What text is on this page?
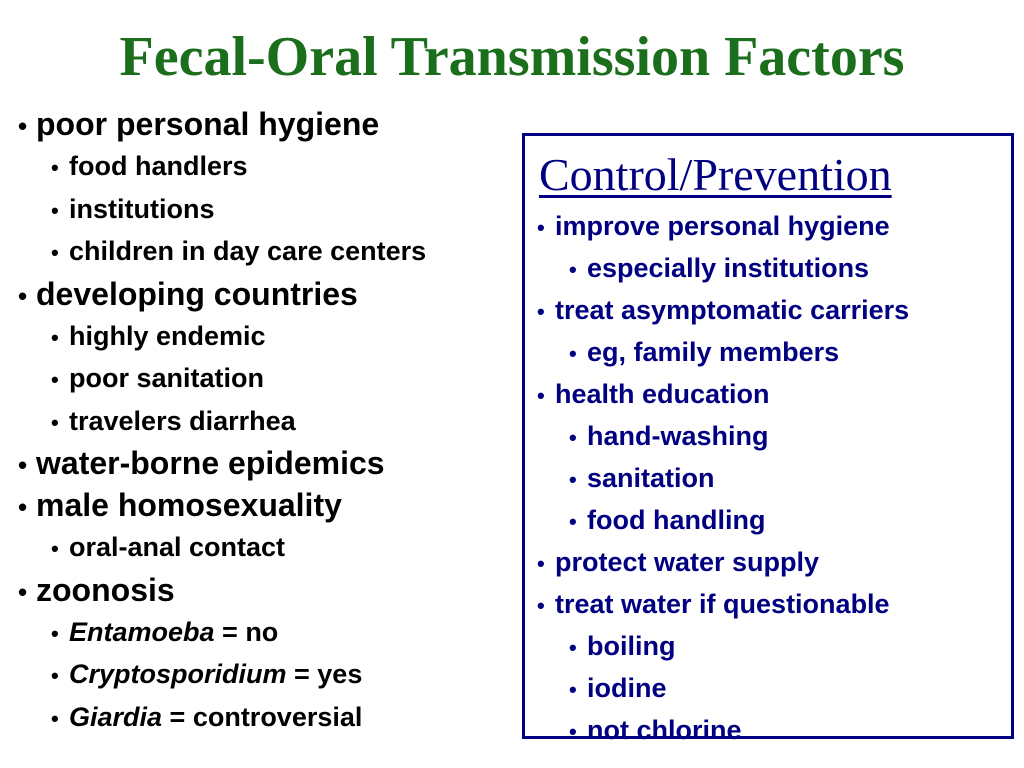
Fecal-Oral Transmission Factors
• poor personal hygiene
• food handlers
• institutions
• children in day care centers
• developing countries
• highly endemic
• poor sanitation
• travelers diarrhea
• water-borne epidemics
• male homosexuality
• oral-anal contact
• zoonosis
• Entamoeba = no
• Cryptosporidium = yes
• Giardia = controversial
Control/Prevention
• improve personal hygiene
• especially institutions
• treat asymptomatic carriers
• eg, family members
• health education
• hand-washing
• sanitation
• food handling
• protect water supply
• treat water if questionable
• boiling
• iodine
• not chlorine
